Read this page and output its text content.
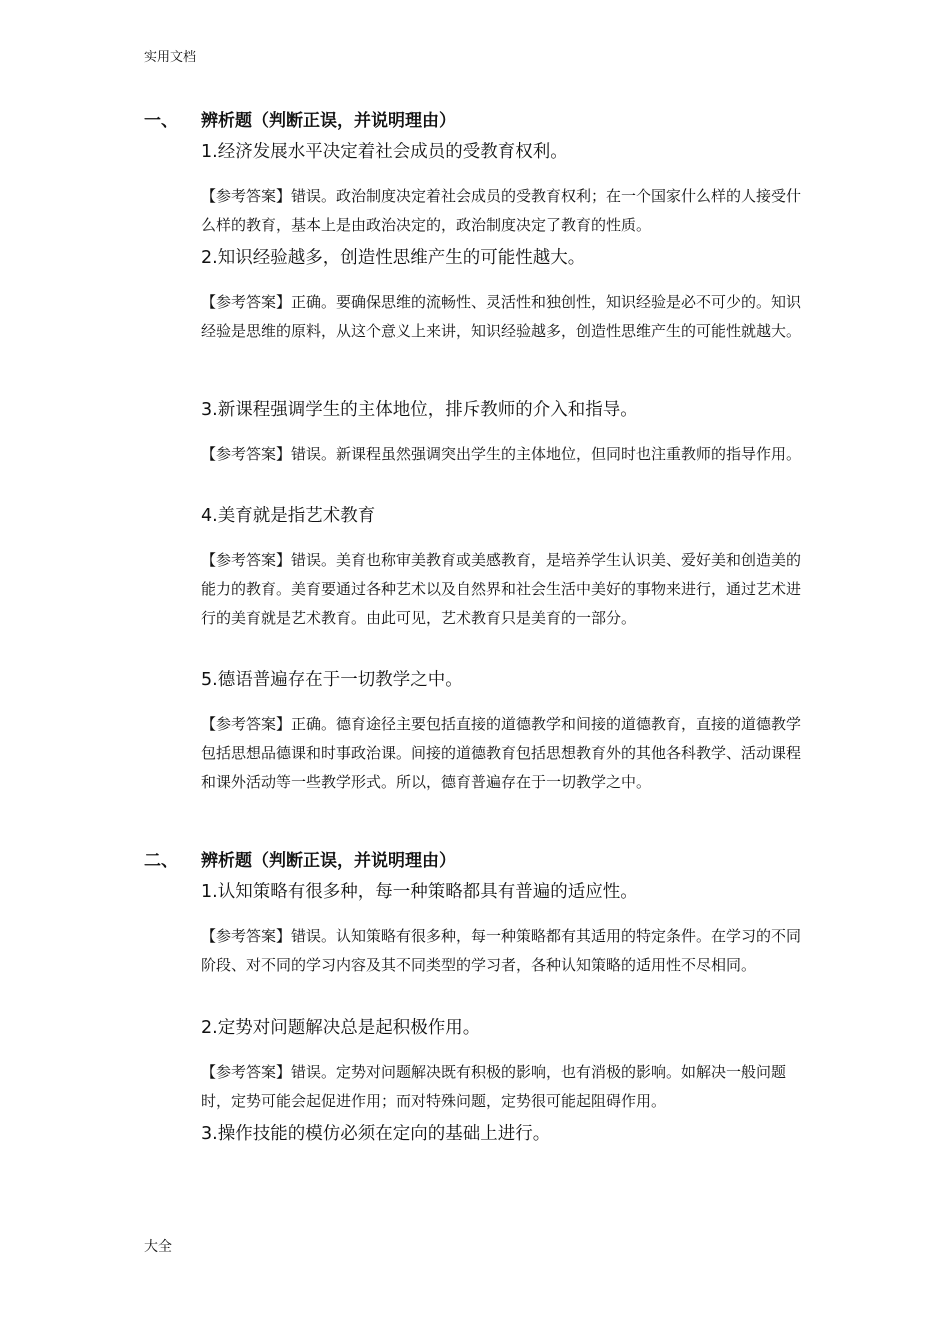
实用文档
一、 辨析题（判断正误，并说明理由）
1.经济发展水平决定着社会成员的受教育权利。
【参考答案】错误。政治制度决定着社会成员的受教育权利；在一个国家什么样的人接受什么样的教育，基本上是由政治决定的，政治制度决定了教育的性质。
2.知识经验越多，创造性思维产生的可能性越大。
【参考答案】正确。要确保思维的流畅性、灵活性和独创性，知识经验是必不可少的。知识经验是思维的原料，从这个意义上来讲，知识经验越多，创造性思维产生的可能性就越大。
3.新课程强调学生的主体地位，排斥教师的介入和指导。
【参考答案】错误。新课程虽然强调突出学生的主体地位，但同时也注重教师的指导作用。
4.美育就是指艺术教育
【参考答案】错误。美育也称审美教育或美感教育，是培养学生认识美、爱好美和创造美的能力的教育。美育要通过各种艺术以及自然界和社会生活中美好的事物来进行，通过艺术进行的美育就是艺术教育。由此可见，艺术教育只是美育的一部分。
5.德语普遍存在于一切教学之中。
【参考答案】正确。德育途径主要包括直接的道德教学和间接的道德教育，直接的道德教学包括思想品德课和时事政治课。间接的道德教育包括思想教育外的其他各科教学、活动课程和课外活动等一些教学形式。所以，德育普遍存在于一切教学之中。
二、 辨析题（判断正误，并说明理由）
1.认知策略有很多种，每一种策略都具有普遍的适应性。
【参考答案】错误。认知策略有很多种，每一种策略都有其适用的特定条件。在学习的不同阶段、对不同的学习内容及其不同类型的学习者，各种认知策略的适用性不尽相同。
2.定势对问题解决总是起积极作用。
【参考答案】错误。定势对问题解决既有积极的影响，也有消极的影响。如解决一般问题 时，定势可能会起促进作用；而对特殊问题，定势很可能起阻碍作用。
3.操作技能的模仿必须在定向的基础上进行。
大全
